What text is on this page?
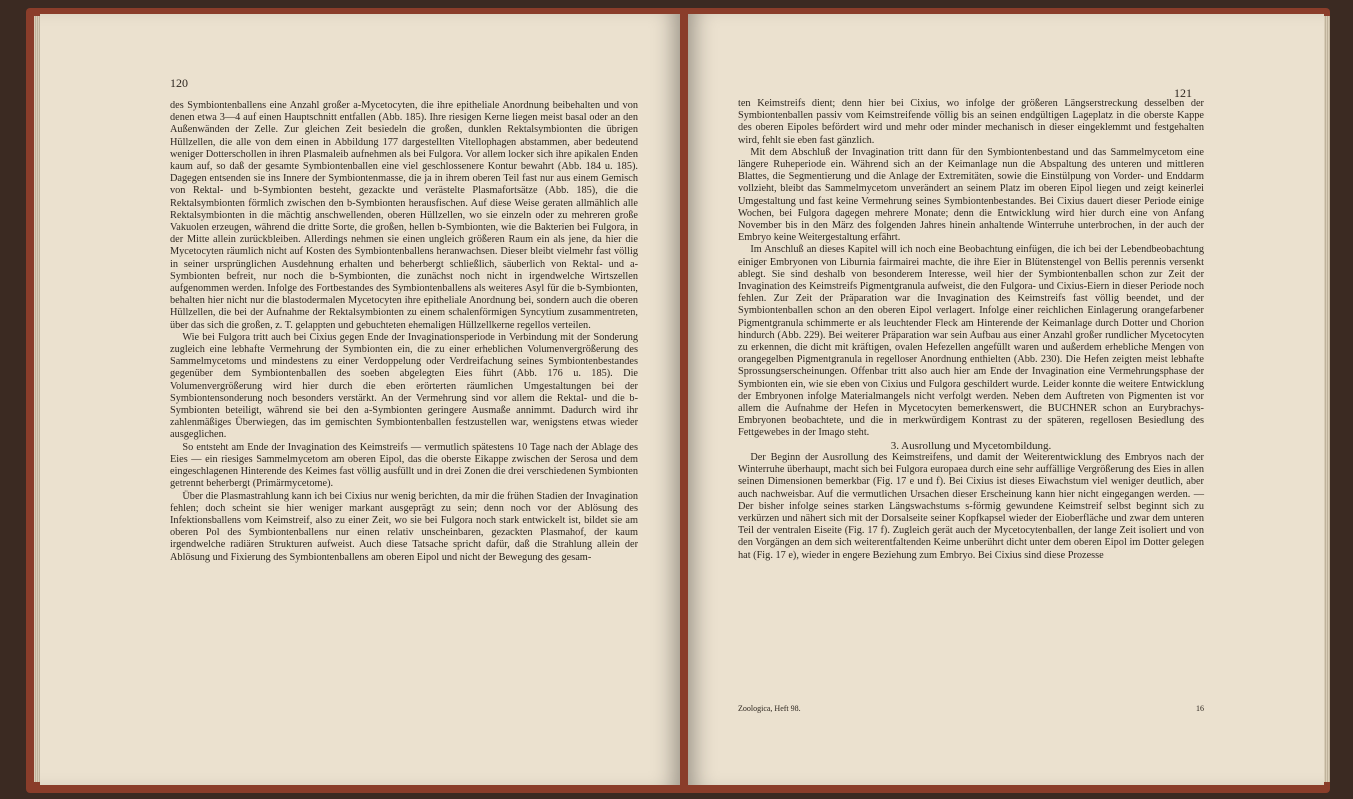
120

des Symbiontenballens eine Anzahl großer a-Mycetocyten, die ihre epitheliale Anordnung beibehalten und von denen etwa 3—4 auf einen Hauptschnitt entfallen (Abb. 185). Ihre riesigen Kerne liegen meist basal oder an den Außenwänden der Zelle. Zur gleichen Zeit besiedeln die großen, dunklen Rektalsymbionten die übrigen Hüllzellen, die alle von dem einen in Abbildung 177 dargestellten Vitellophagen abstammen, aber bedeutend weniger Dotterschollen in ihren Plasmaleib aufnehmen als bei Fulgora. Vor allem locker sich ihre apikalen Enden kaum auf, so daß der gesamte Symbiontenballen eine viel geschlossenere Kontur bewahrt (Abb. 184 u. 185). Dagegen entsenden sie ins Innere der Symbiontenmasse, die ja in ihrem oberen Teil fast nur aus einem Gemisch von Rektal- und b-Symbionten besteht, gezackte und verästelte Plasmafortsätze (Abb. 185), die die Rektalsymbionten förmlich zwischen den b-Symbionten herausfischen. Auf diese Weise geraten allmählich alle Rektalsymbionten in die mächtig anschwellenden, oberen Hüllzellen, wo sie einzeln oder zu mehreren große Vakuolen erzeugen, während die dritte Sorte, die großen, hellen b-Symbionten, wie die Bakterien bei Fulgora, in der Mitte allein zurückbleiben. Allerdings nehmen sie einen ungleich größeren Raum ein als jene, da hier die Mycetocyten räumlich nicht auf Kosten des Symbiontenballens heranwachsen. Dieser bleibt vielmehr fast völlig in seiner ursprünglichen Ausdehnung erhalten und beherbergt schließlich, säuberlich von Rektal- und a-Symbionten befreit, nur noch die b-Symbionten, die zunächst noch nicht in irgendwelche Wirtszellen aufgenommen werden. Infolge des Fortbestandes des Symbiontenballens als weiteres Asyl für die b-Symbionten, behalten hier nicht nur die blastodermalen Mycetocyten ihre epitheliale Anordnung bei, sondern auch die oberen Hüllzellen, die bei der Aufnahme der Rektalsymbionten zu einem schalenförmigen Syncytium zusammentreten, über das sich die großen, z. T. gelappten und gebuchteten ehemaligen Hüllzellkerne regellos verteilen.

Wie bei Fulgora tritt auch bei Cixius gegen Ende der Invaginationsperiode in Verbindung mit der Sonderung zugleich eine lebhafte Vermehrung der Symbionten ein, die zu einer erheblichen Volumenvergrößerung des Sammelmycetoms und mindestens zu einer Verdoppelung oder Verdreifachung seines Symbiontenbestandes gegenüber dem Symbiontenballen des soeben abgelegten Eies führt (Abb. 176 u. 185). Die Volumenvergrößerung wird hier durch die eben erörterten räumlichen Umgestaltungen bei der Symbiontensonderung noch besonders verstärkt. An der Vermehrung sind vor allem die Rektal- und die b-Symbionten beteiligt, während sie bei den a-Symbionten geringere Ausmaße annimmt. Dadurch wird ihr zahlenmäßiges Überwiegen, das im gemischten Symbiontenballen festzustellen war, wenigstens etwas wieder ausgeglichen.

So entsteht am Ende der Invagination des Keimstreifs — vermutlich spätestens 10 Tage nach der Ablage des Eies — ein riesiges Sammelmycetom am oberen Eipol, das die oberste Eikappe zwischen der Serosa und dem eingeschlagenen Hinterende des Keimes fast völlig ausfüllt und in drei Zonen die drei verschiedenen Symbionten getrennt beherbergt (Primärmycetome).

Über die Plasmastrahlung kann ich bei Cixius nur wenig berichten, da mir die frühen Stadien der Invagination fehlen; doch scheint sie hier weniger markant ausgeprägt zu sein; denn noch vor der Ablösung des Infektionsballens vom Keimstreif, also zu einer Zeit, wo sie bei Fulgora noch stark entwickelt ist, bildet sie am oberen Pol des Symbiontenballens nur einen relativ unscheinbaren, gezackten Plasmahof, der kaum irgendwelche radiären Strukturen aufweist. Auch diese Tatsache spricht dafür, daß die Strahlung allein der Ablösung und Fixierung des Symbiontenballens am oberen Eipol und nicht der Bewegung des gesam-

121

ten Keimstreifs dient; denn hier bei Cixius, wo infolge der größeren Längserstreckung desselben der Symbiontenballen passiv vom Keimstreifende völlig bis an seinen endgültigen Lageplatz in die oberste Kappe des oberen Eipoles befördert wird und mehr oder minder mechanisch in dieser eingeklemmt und festgehalten wird, fehlt sie eben fast gänzlich.

Mit dem Abschluß der Invagination tritt dann für den Symbiontenbestand und das Sammelmycetom eine längere Ruheperiode ein. Während sich an der Keimanlage nun die Abspaltung des unteren und mittleren Blattes, die Segmentierung und die Anlage der Extremitäten, sowie die Einstülpung von Vorder- und Enddarm vollzieht, bleibt das Sammelmycetom unverändert an seinem Platz im oberen Eipol liegen und zeigt keinerlei Umgestaltung und fast keine Vermehrung seines Symbiontenbestandes. Bei Cixius dauert dieser Periode einige Wochen, bei Fulgora dagegen mehrere Monate; denn die Entwicklung wird hier durch eine von Anfang November bis in den März des folgenden Jahres hinein anhaltende Winterruhe unterbrochen, in der auch der Embryo keine Weitergestaltung erfährt.

Im Anschluß an dieses Kapitel will ich noch eine Beobachtung einfügen, die ich bei der Lebendbeobachtung einiger Embryonen von Liburnia fairmairei machte, die ihre Eier in Blütenstengel von Bellis perennis versenkt ablegt. Sie sind deshalb von besonderem Interesse, weil hier der Symbiontenballen schon zur Zeit der Invagination des Keimstreifs Pigmentgranula aufweist, die den Fulgora- und Cixius-Eiern in dieser Periode noch fehlen. Zur Zeit der Präparation war die Invagination des Keimstreifs fast völlig beendet, und der Symbiontenballen schon an den oberen Eipol verlagert. Infolge einer reichlichen Einlagerung orangefarbener Pigmentgranula schimmerte er als leuchtender Fleck am Hinterende der Keimanlage durch Dotter und Chorion hindurch (Abb. 229). Bei weiterer Präparation war sein Aufbau aus einer Anzahl großer rundlicher Mycetocyten zu erkennen, die dicht mit kräftigen, ovalen Hefezellen angefüllt waren und außerdem erhebliche Mengen von orangegelben Pigmentgranula in regelloser Anordnung enthielten (Abb. 230). Die Hefen zeigten meist lebhafte Sprossungserscheinungen. Offenbar tritt also auch hier am Ende der Invagination eine Vermehrungsphase der Symbionten ein, wie sie eben von Cixius und Fulgora geschildert wurde. Leider konnte die weitere Entwicklung der Embryonen infolge Materialmangels nicht verfolgt werden. Neben dem Auftreten von Pigmenten ist vor allem die Aufnahme der Hefen in Mycetocyten bemerkenswert, die BUCHNER schon an Eurybrachys-Embryonen beobachtete, und die in merkwürdigem Kontrast zu der späteren, regellosen Besiedlung des Fettgewebes in der Imago steht.

3. Ausrollung und Mycetombildung.

Der Beginn der Ausrollung des Keimstreifens, und damit der Weiterentwicklung des Embryos nach der Winterruhe überhaupt, macht sich bei Fulgora europaea durch eine sehr auffällige Vergrößerung des Eies in allen seinen Dimensionen bemerkbar (Fig. 17 e und f). Bei Cixius ist dieses Eiwachstum viel weniger deutlich, aber auch nachweisbar. Auf die vermutlichen Ursachen dieser Erscheinung kann hier nicht eingegangen werden. — Der bisher infolge seines starken Längswachstums s-förmig gewundene Keimstreif selbst beginnt sich zu verkürzen und nähert sich mit der Dorsalseite seiner Kopfkapsel wieder der Eioberfläche und zwar dem unteren Teil der ventralen Eiseite (Fig. 17 f). Zugleich gerät auch der Mycetocytenballen, der lange Zeit isoliert und von den Vorgängen an dem sich weiterentfaltenden Keime unberührt dicht unter dem oberen Eipol im Dotter gelegen hat (Fig. 17 e), wieder in engere Beziehung zum Embryo. Bei Cixius sind diese Prozesse

Zoologica, Heft 98.	16
